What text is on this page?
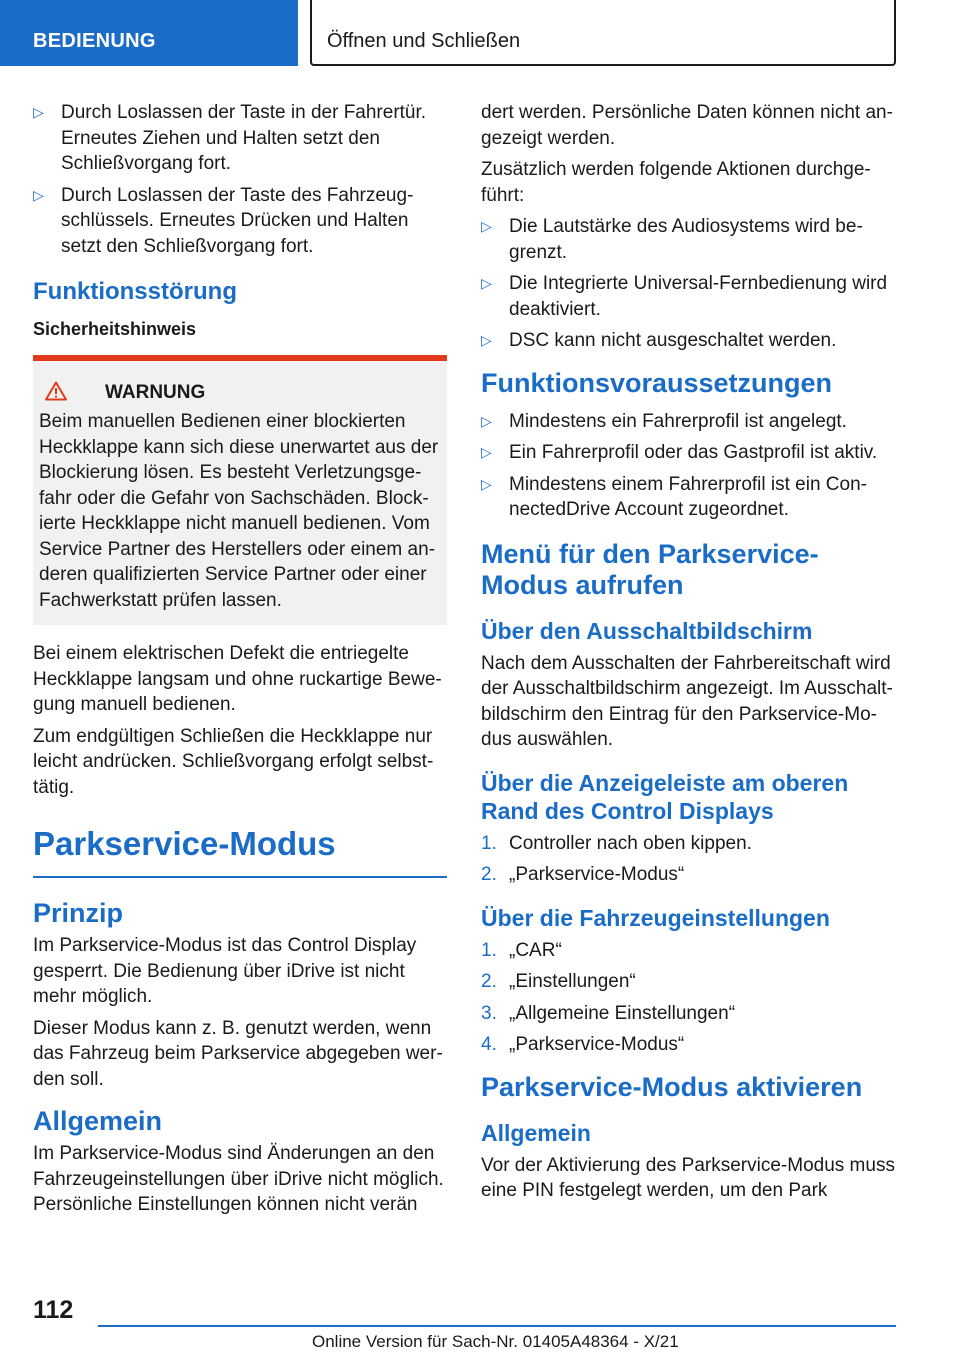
BEDIENUNG	Öffnen und Schließen
▷ Durch Loslassen der Taste in der Fahrertür. Erneutes Ziehen und Halten setzt den Schließvorgang fort.
▷ Durch Loslassen der Taste des Fahrzeugschlüssels. Erneutes Drücken und Halten setzt den Schließvorgang fort.
Funktionsstörung
Sicherheitshinweis
WARNUNG

Beim manuellen Bedienen einer blockierten Heckklappe kann sich diese unerwartet aus der Blockierung lösen. Es besteht Verletzungsgefahr oder die Gefahr von Sachschäden. Blockierte Heckklappe nicht manuell bedienen. Vom Service Partner des Herstellers oder einem anderen qualifizierten Service Partner oder einer Fachwerkstatt prüfen lassen.

Bei einem elektrischen Defekt die entriegelte Heckklappe langsam und ohne ruckartige Bewegung manuell bedienen.

Zum endgültigen Schließen die Heckklappe nur leicht andrücken. Schließvorgang erfolgt selbsttätig.

Parkservice-Modus
Prinzip

Im Parkservice-Modus ist das Control Display gesperrt. Die Bedienung über iDrive ist nicht mehr möglich.

Dieser Modus kann z. B. genutzt werden, wenn das Fahrzeug beim Parkservice abgegeben werden soll.

Allgemein

Im Parkservice-Modus sind Änderungen an den Fahrzeugeinstellungen über iDrive nicht möglich. Persönliche Einstellungen können nicht verän

dert werden. Persönliche Daten können nicht angezeigt werden.

Zusätzlich werden folgende Aktionen durchgeführt:

▷ Die Lautstärke des Audiosystems wird begrenzt.
▷ Die Integrierte Universal-Fernbedienung wird deaktiviert.
▷ DSC kann nicht ausgeschaltet werden.
Funktionsvoraussetzungen
▷ Mindestens ein Fahrerprofil ist angelegt.
▷ Ein Fahrerprofil oder das Gastprofil ist aktiv.
▷ Mindestens einem Fahrerprofil ist ein ConnectedDrive Account zugeordnet.
Menü für den Parkservice-Modus aufrufen
Über den Ausschaltbildschirm

Nach dem Ausschalten der Fahrbereitschaft wird der Ausschaltbildschirm angezeigt. Im Ausschaltbildschirm den Eintrag für den Parkservice-Modus auswählen.

Über die Anzeigeleiste am oberen Rand des Control Displays
1. Controller nach oben kippen.
2. „Parkservice-Modus“
Über die Fahrzeugeinstellungen
1. „CAR“
2. „Einstellungen“
3. „Allgemeine Einstellungen“
4. „Parkservice-Modus“
Parkservice-Modus aktivieren
Allgemein

Vor der Aktivierung des Parkservice-Modus muss eine PIN festgelegt werden, um den Park

112
Online Version für Sach-Nr. 01405A48364 - X/21
